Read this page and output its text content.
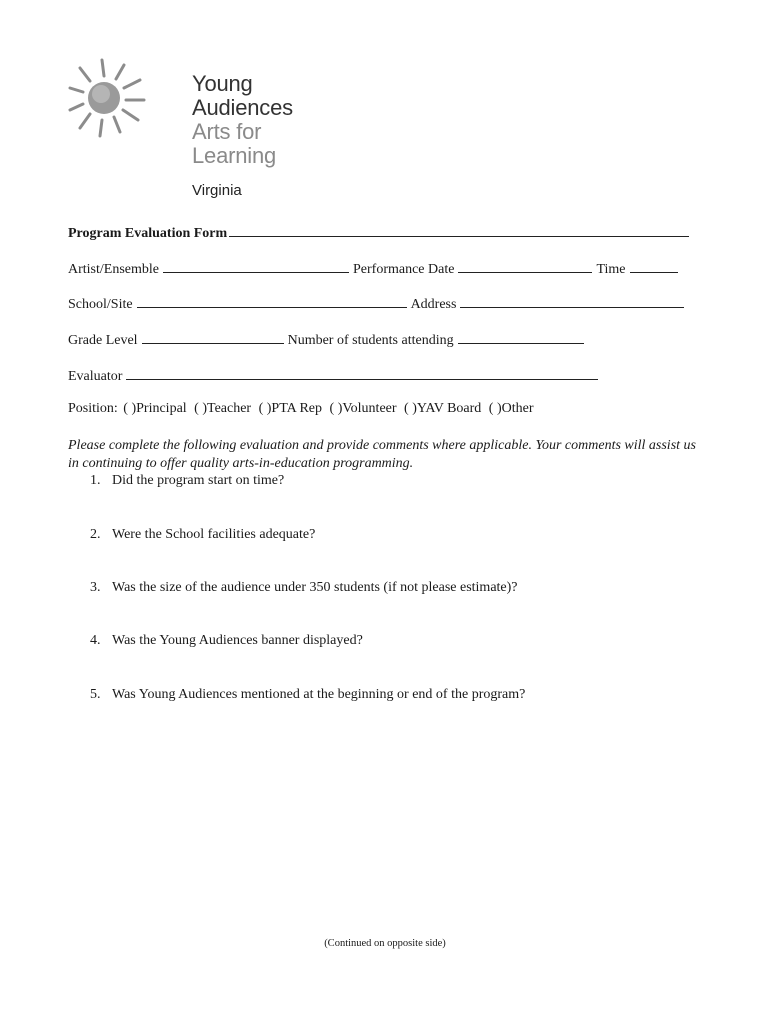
Young
Audiences
Arts for
Learning
Virginia
Program Evaluation Form
Artist/Ensemble	Performance Date	Time
School/Site	Address
Grade Level	Number of students attending
Evaluator
Position: ( )Principal ( )Teacher ( )PTA Rep ( )Volunteer ( )YAV Board ( )Other
Please complete the following evaluation and provide comments where applicable. Your comments will assist us in continuing to offer quality arts-in-education programming.
1. Did the program start on time?
2. Were the School facilities adequate?
3. Was the size of the audience under 350 students (if not please estimate)?
4. Was the Young Audiences banner displayed?
5. Was Young Audiences mentioned at the beginning or end of the program?
(Continued on opposite side)
